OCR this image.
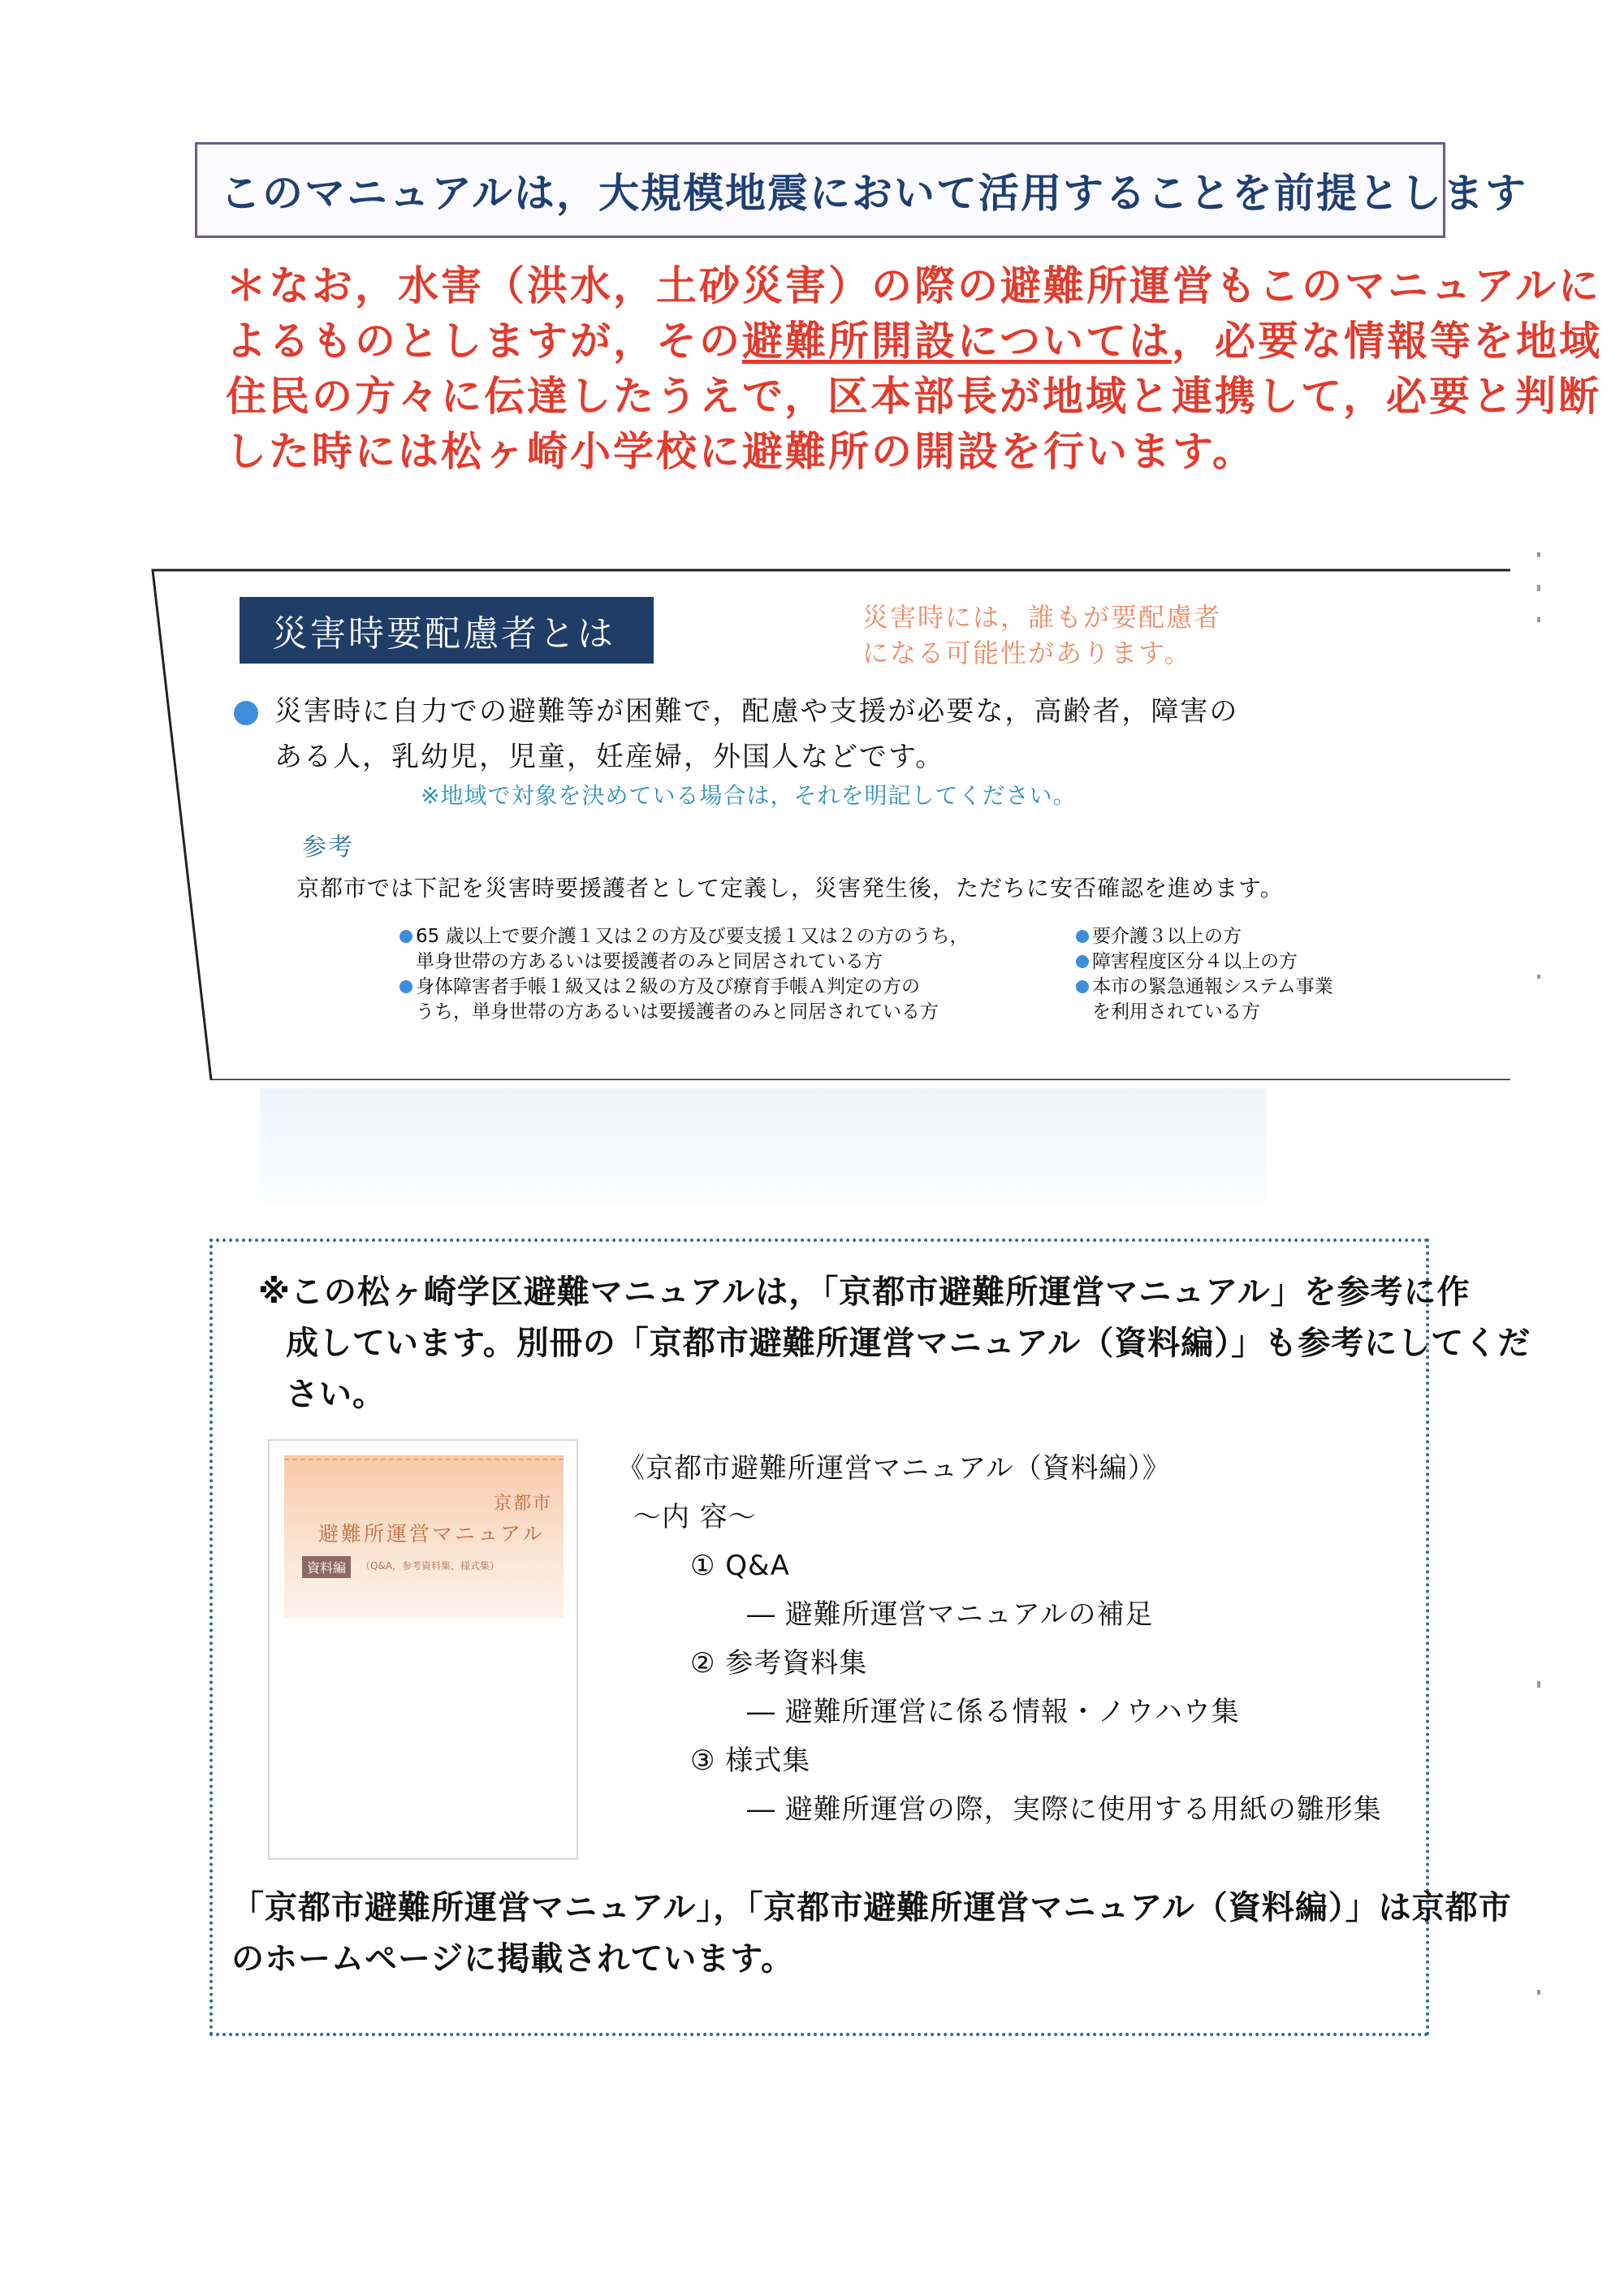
このマニュアルは，大規模地震において活用することを前提とします
＊なお，水害（洪水，土砂災害）の際の避難所運営もこのマニュアルに
よるものとしますが，その避難所開設については，必要な情報等を地域
住民の方々に伝達したうえで，区本部長が地域と連携して，必要と判断
した時には松ヶ崎小学校に避難所の開設を行います。
災害時要配慮者とは	災害時には，誰もが要配慮者
になる可能性があります。
災害時に自力での避難等が困難で，配慮や支援が必要な，高齢者，障害の
ある人，乳幼児，児童，妊産婦，外国人などです。
※地域で対象を決めている場合は，それを明記してください。
参考
京都市では下記を災害時要援護者として定義し，災害発生後，ただちに安否確認を進めます。
65 歳以上で要介護１又は２の方及び要支援１又は２の方のうち，
単身世帯の方あるいは要援護者のみと同居されている方
身体障害者手帳１級又は２級の方及び療育手帳Ａ判定の方の
うち，単身世帯の方あるいは要援護者のみと同居されている方
要介護３以上の方
障害程度区分４以上の方
本市の緊急通報システム事業
を利用されている方
※この松ヶ崎学区避難マニュアルは，「京都市避難所運営マニュアル」を参考に作
成しています。別冊の「京都市避難所運営マニュアル（資料編）」も参考にしてくだ
さい。
京都市
避難所運営マニュアル
資料編	（Q&A，参考資料集，様式集）
《京都市避難所運営マニュアル（資料編）》
～内 容～
① Q&A
― 避難所運営マニュアルの補足
② 参考資料集
― 避難所運営に係る情報・ノウハウ集
③ 様式集
― 避難所運営の際，実際に使用する用紙の雛形集
「京都市避難所運営マニュアル」，「京都市避難所運営マニュアル（資料編）」は京都市
のホームページに掲載されています。
